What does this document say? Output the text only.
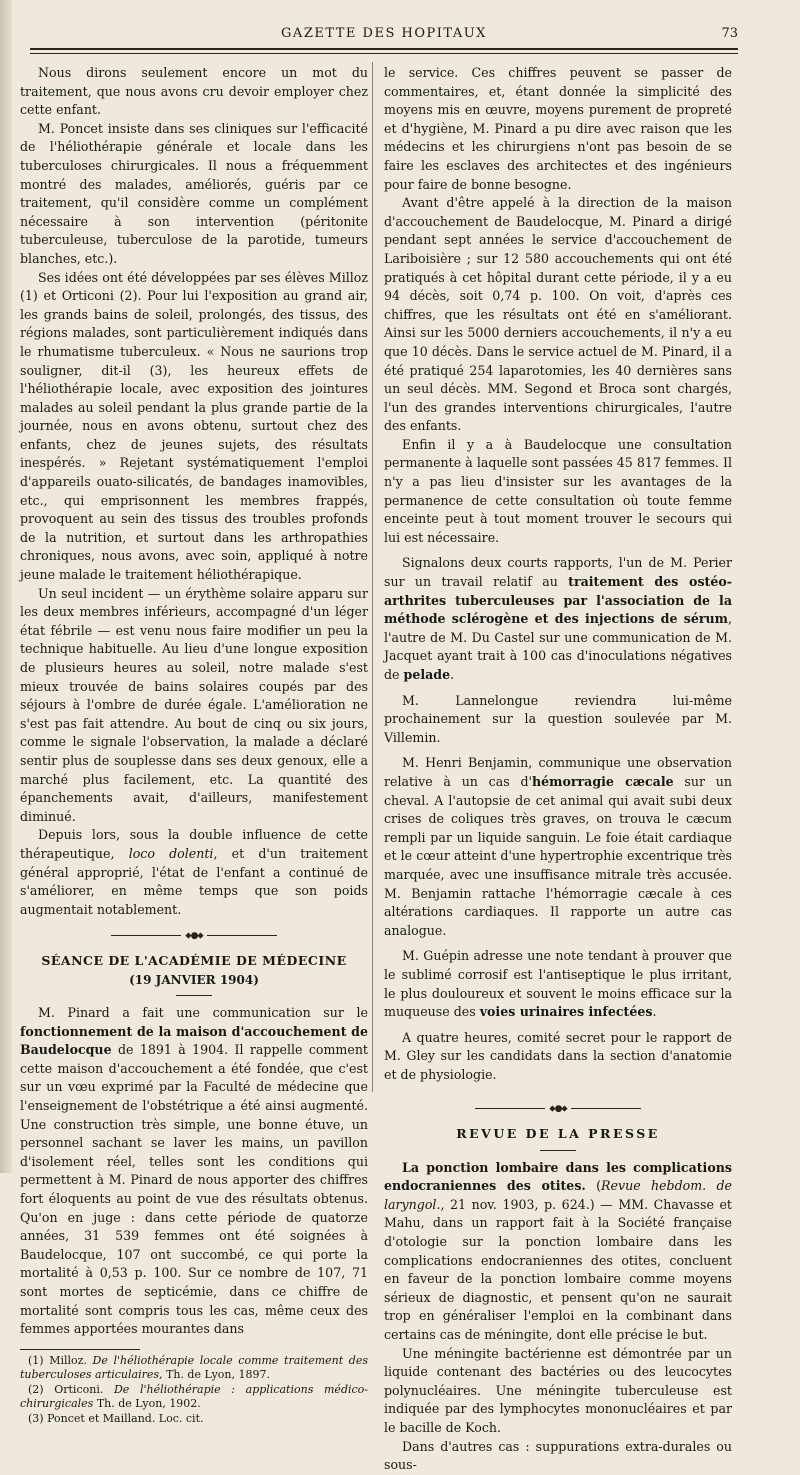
GAZETTE DES HOPITAUX	73

Nous dirons seulement encore un mot du traitement, que nous avons cru devoir employer chez cette enfant.

M. Poncet insiste dans ses cliniques sur l'efficacité de l'héliothérapie générale et locale dans les tuberculoses chirurgicales. Il nous a fréquemment montré des malades, améliorés, guéris par ce traitement, qu'il considère comme un complément nécessaire à son intervention (péritonite tuberculeuse, tuberculose de la parotide, tumeurs blanches, etc.).

Ses idées ont été développées par ses élèves Milloz (1) et Orticoni (2). Pour lui l'exposition au grand air, les grands bains de soleil, prolongés, des tissus, des régions malades, sont particulièrement indiqués dans le rhumatisme tuberculeux. « Nous ne saurions trop souligner, dit-il (3), les heureux effets de l'héliothérapie locale, avec exposition des jointures malades au soleil pendant la plus grande partie de la journée, nous en avons obtenu, surtout chez des enfants, chez de jeunes sujets, des résultats inespérés. » Rejetant systématiquement l'emploi d'appareils ouato-silicatés, de bandages inamovibles, etc., qui emprisonnent les membres frappés, provoquent au sein des tissus des troubles profonds de la nutrition, et surtout dans les arthropathies chroniques, nous avons, avec soin, appliqué à notre jeune malade le traitement héliothérapique.

Un seul incident — un érythème solaire apparu sur les deux membres inférieurs, accompagné d'un léger état fébrile — est venu nous faire modifier un peu la technique habituelle. Au lieu d'une longue exposition de plusieurs heures au soleil, notre malade s'est mieux trouvée de bains solaires coupés par des séjours à l'ombre de durée égale. L'amélioration ne s'est pas fait attendre. Au bout de cinq ou six jours, comme le signale l'observation, la malade a déclaré sentir plus de souplesse dans ses deux genoux, elle a marché plus facilement, etc. La quantité des épanchements avait, d'ailleurs, manifestement diminué.

Depuis lors, sous la double influence de cette thérapeutique, loco dolenti, et d'un traitement général approprié, l'état de l'enfant a continué de s'améliorer, en même temps que son poids augmentait notablement.

⬥●⬥
SÉANCE DE L'ACADÉMIE DE MÉDECINE
(19 JANVIER 1904)

M. Pinard a fait une communication sur le fonctionnement de la maison d'accouchement de Baudelocque de 1891 à 1904. Il rappelle comment cette maison d'accouchement a été fondée, que c'est sur un vœu exprimé par la Faculté de médecine que l'enseignement de l'obstétrique a été ainsi augmenté. Une construction très simple, une bonne étuve, un personnel sachant se laver les mains, un pavillon d'isolement réel, telles sont les conditions qui permettent à M. Pinard de nous apporter des chiffres fort éloquents au point de vue des résultats obtenus. Qu'on en juge : dans cette période de quatorze années, 31 539 femmes ont été soignées à Baudelocque, 107 ont succombé, ce qui porte la mortalité à 0,53 p. 100. Sur ce nombre de 107, 71 sont mortes de septicémie, dans ce chiffre de mortalité sont compris tous les cas, même ceux des femmes apportées mourantes dans

(1) Milloz. De l'héliothérapie locale comme traitement des tuberculoses articulaires, Th. de Lyon, 1897.
(2) Orticoni. De l'héliothérapie : applications médico-chirurgicales Th. de Lyon, 1902.
(3) Poncet et Mailland. Loc. cit.

le service. Ces chiffres peuvent se passer de commentaires, et, étant donnée la simplicité des moyens mis en œuvre, moyens purement de propreté et d'hygiène, M. Pinard a pu dire avec raison que les médecins et les chirurgiens n'ont pas besoin de se faire les esclaves des architectes et des ingénieurs pour faire de bonne besogne.

Avant d'être appelé à la direction de la maison d'accouchement de Baudelocque, M. Pinard a dirigé pendant sept années le service d'accouchement de Lariboisière ; sur 12 580 accouchements qui ont été pratiqués à cet hôpital durant cette période, il y a eu 94 décès, soit 0,74 p. 100. On voit, d'après ces chiffres, que les résultats ont été en s'améliorant. Ainsi sur les 5000 derniers accouchements, il n'y a eu que 10 décès. Dans le service actuel de M. Pinard, il a été pratiqué 254 laparotomies, les 40 dernières sans un seul décès. MM. Segond et Broca sont chargés, l'un des grandes interventions chirurgicales, l'autre des enfants.

Enfin il y a à Baudelocque une consultation permanente à laquelle sont passées 45 817 femmes. Il n'y a pas lieu d'insister sur les avantages de la permanence de cette consultation où toute femme enceinte peut à tout moment trouver le secours qui lui est nécessaire.

Signalons deux courts rapports, l'un de M. Perier sur un travail relatif au traitement des ostéo-arthrites tuberculeuses par l'association de la méthode sclérogène et des injections de sérum, l'autre de M. Du Castel sur une communication de M. Jacquet ayant trait à 100 cas d'inoculations négatives de pelade.

M. Lannelongue reviendra lui-même prochainement sur la question soulevée par M. Villemin.

M. Henri Benjamin, communique une observation relative à un cas d'hémorragie cæcale sur un cheval. A l'autopsie de cet animal qui avait subi deux crises de coliques très graves, on trouva le cæcum rempli par un liquide sanguin. Le foie était cardiaque et le cœur atteint d'une hypertrophie excentrique très marquée, avec une insuffisance mitrale très accusée. M. Benjamin rattache l'hémorragie cæcale à ces altérations cardiaques. Il rapporte un autre cas analogue.

M. Guépin adresse une note tendant à prouver que le sublimé corrosif est l'antiseptique le plus irritant, le plus douloureux et souvent le moins efficace sur la muqueuse des voies urinaires infectées.

A quatre heures, comité secret pour le rapport de M. Gley sur les candidats dans la section d'anatomie et de physiologie.

⬥●⬥
REVUE DE LA PRESSE

La ponction lombaire dans les complications endocraniennes des otites. (Revue hebdom. de laryngol., 21 nov. 1903, p. 624.) — MM. Chavasse et Mahu, dans un rapport fait à la Société française d'otologie sur la ponction lombaire dans les complications endocraniennes des otites, concluent en faveur de la ponction lombaire comme moyens sérieux de diagnostic, et pensent qu'on ne saurait trop en généraliser l'emploi en la combinant dans certains cas de méningite, dont elle précise le but.

Une méningite bactérienne est démontrée par un liquide contenant des bactéries ou des leucocytes polynucléaires. Une méningite tuberculeuse est indiquée par des lymphocytes mononucléaires et par le bacille de Koch.

Dans d'autres cas : suppurations extra-durales ou sous-
